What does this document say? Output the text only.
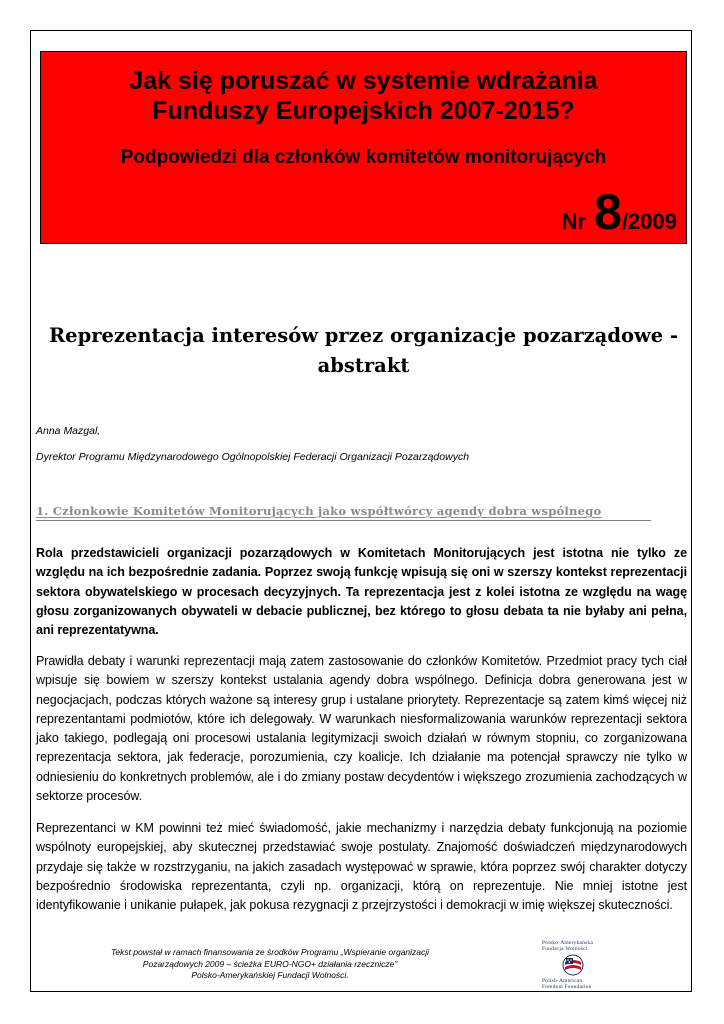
Jak się poruszać w systemie wdrażania
Funduszy Europejskich 2007-2015?

Podpowiedzi dla członków komitetów monitorujących

Nr 8/2009
Reprezentacja interesów przez organizacje pozarządowe -
abstrakt

Anna Mazgal,

Dyrektor Programu Międzynarodowego Ogólnopolskiej Federacji Organizacji Pozarządowych

1. Członkowie Komitetów Monitorujących jako współtwórcy agendy dobra wspólnego

Rola przedstawicieli organizacji pozarządowych w Komitetach Monitorujących jest istotna nie tylko ze względu na ich bezpośrednie zadania. Poprzez swoją funkcję wpisują się oni w szerszy kontekst reprezentacji sektora obywatelskiego w procesach decyzyjnych. Ta reprezentacja jest z kolei istotna ze względu na wagę głosu zorganizowanych obywateli w debacie publicznej, bez którego to głosu debata ta nie byłaby ani pełna, ani reprezentatywna.

Prawidła debaty i warunki reprezentacji mają zatem zastosowanie do członków Komitetów. Przedmiot pracy tych ciał wpisuje się bowiem w szerszy kontekst ustalania agendy dobra wspólnego. Definicja dobra generowana jest w negocjacjach, podczas których ważone są interesy grup i ustalane priorytety. Reprezentacje są zatem kimś więcej niż reprezentantami podmiotów, które ich delegowały. W warunkach niesformalizowania warunków reprezentacji sektora jako takiego, podlegają oni procesowi ustalania legitymizacji swoich działań w równym stopniu, co zorganizowana reprezentacja sektora, jak federacje, porozumienia, czy koalicje. Ich działanie ma potencjał sprawczy nie tylko w odniesieniu do konkretnych problemów, ale i do zmiany postaw decydentów i większego zrozumienia zachodzących w sektorze procesów.

Reprezentanci w KM powinni też mieć świadomość, jakie mechanizmy i narzędzia debaty funkcjonują na poziomie wspólnoty europejskiej, aby skutecznej przedstawiać swoje postulaty. Znajomość doświadczeń międzynarodowych przydaje się także w rozstrzyganiu, na jakich zasadach występować w sprawie, która poprzez swój charakter dotyczy bezpośrednio środowiska reprezentanta, czyli np. organizacji, którą on reprezentuje. Nie mniej istotne jest identyfikowanie i unikanie pułapek, jak pokusa rezygnacji z przejrzystości i demokracji w imię większej skuteczności.

Tekst powstał w ramach finansowania ze środków Programu „Wspieranie organizacji
Pozarządowych 2009 – ścieżka EURO-NGO+ działania rzecznicze”
Polsko-Amerykańskiej Fundacji Wolności.
Polsko-Amerykańska
Fundacja Wolności
Polish-American
Freedom Foundation
